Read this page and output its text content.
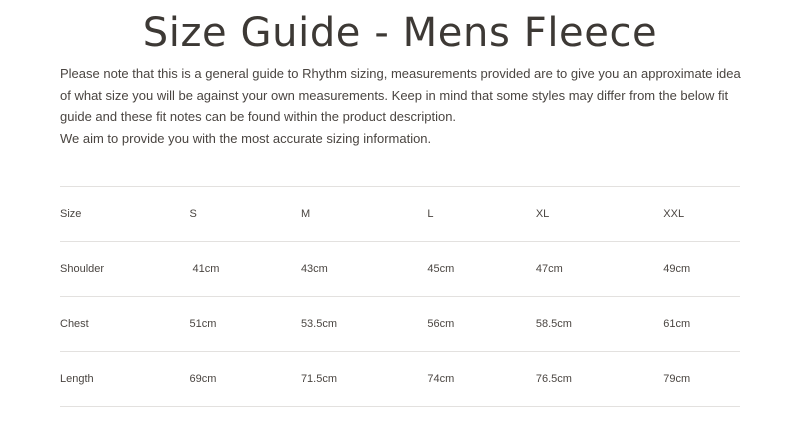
Size Guide - Mens Fleece

Please note that this is a general guide to Rhythm sizing, measurements provided are to give you an approximate idea of what size you will be against your own measurements. Keep in mind that some styles may differ from the below fit guide and these fit notes can be found within the product description.

We aim to provide you with the most accurate sizing information.

Size	S	M	L	XL	XXL
Shoulder	41cm	43cm	45cm	47cm	49cm
Chest	51cm	53.5cm	56cm	58.5cm	61cm
Length	69cm	71.5cm	74cm	76.5cm	79cm
